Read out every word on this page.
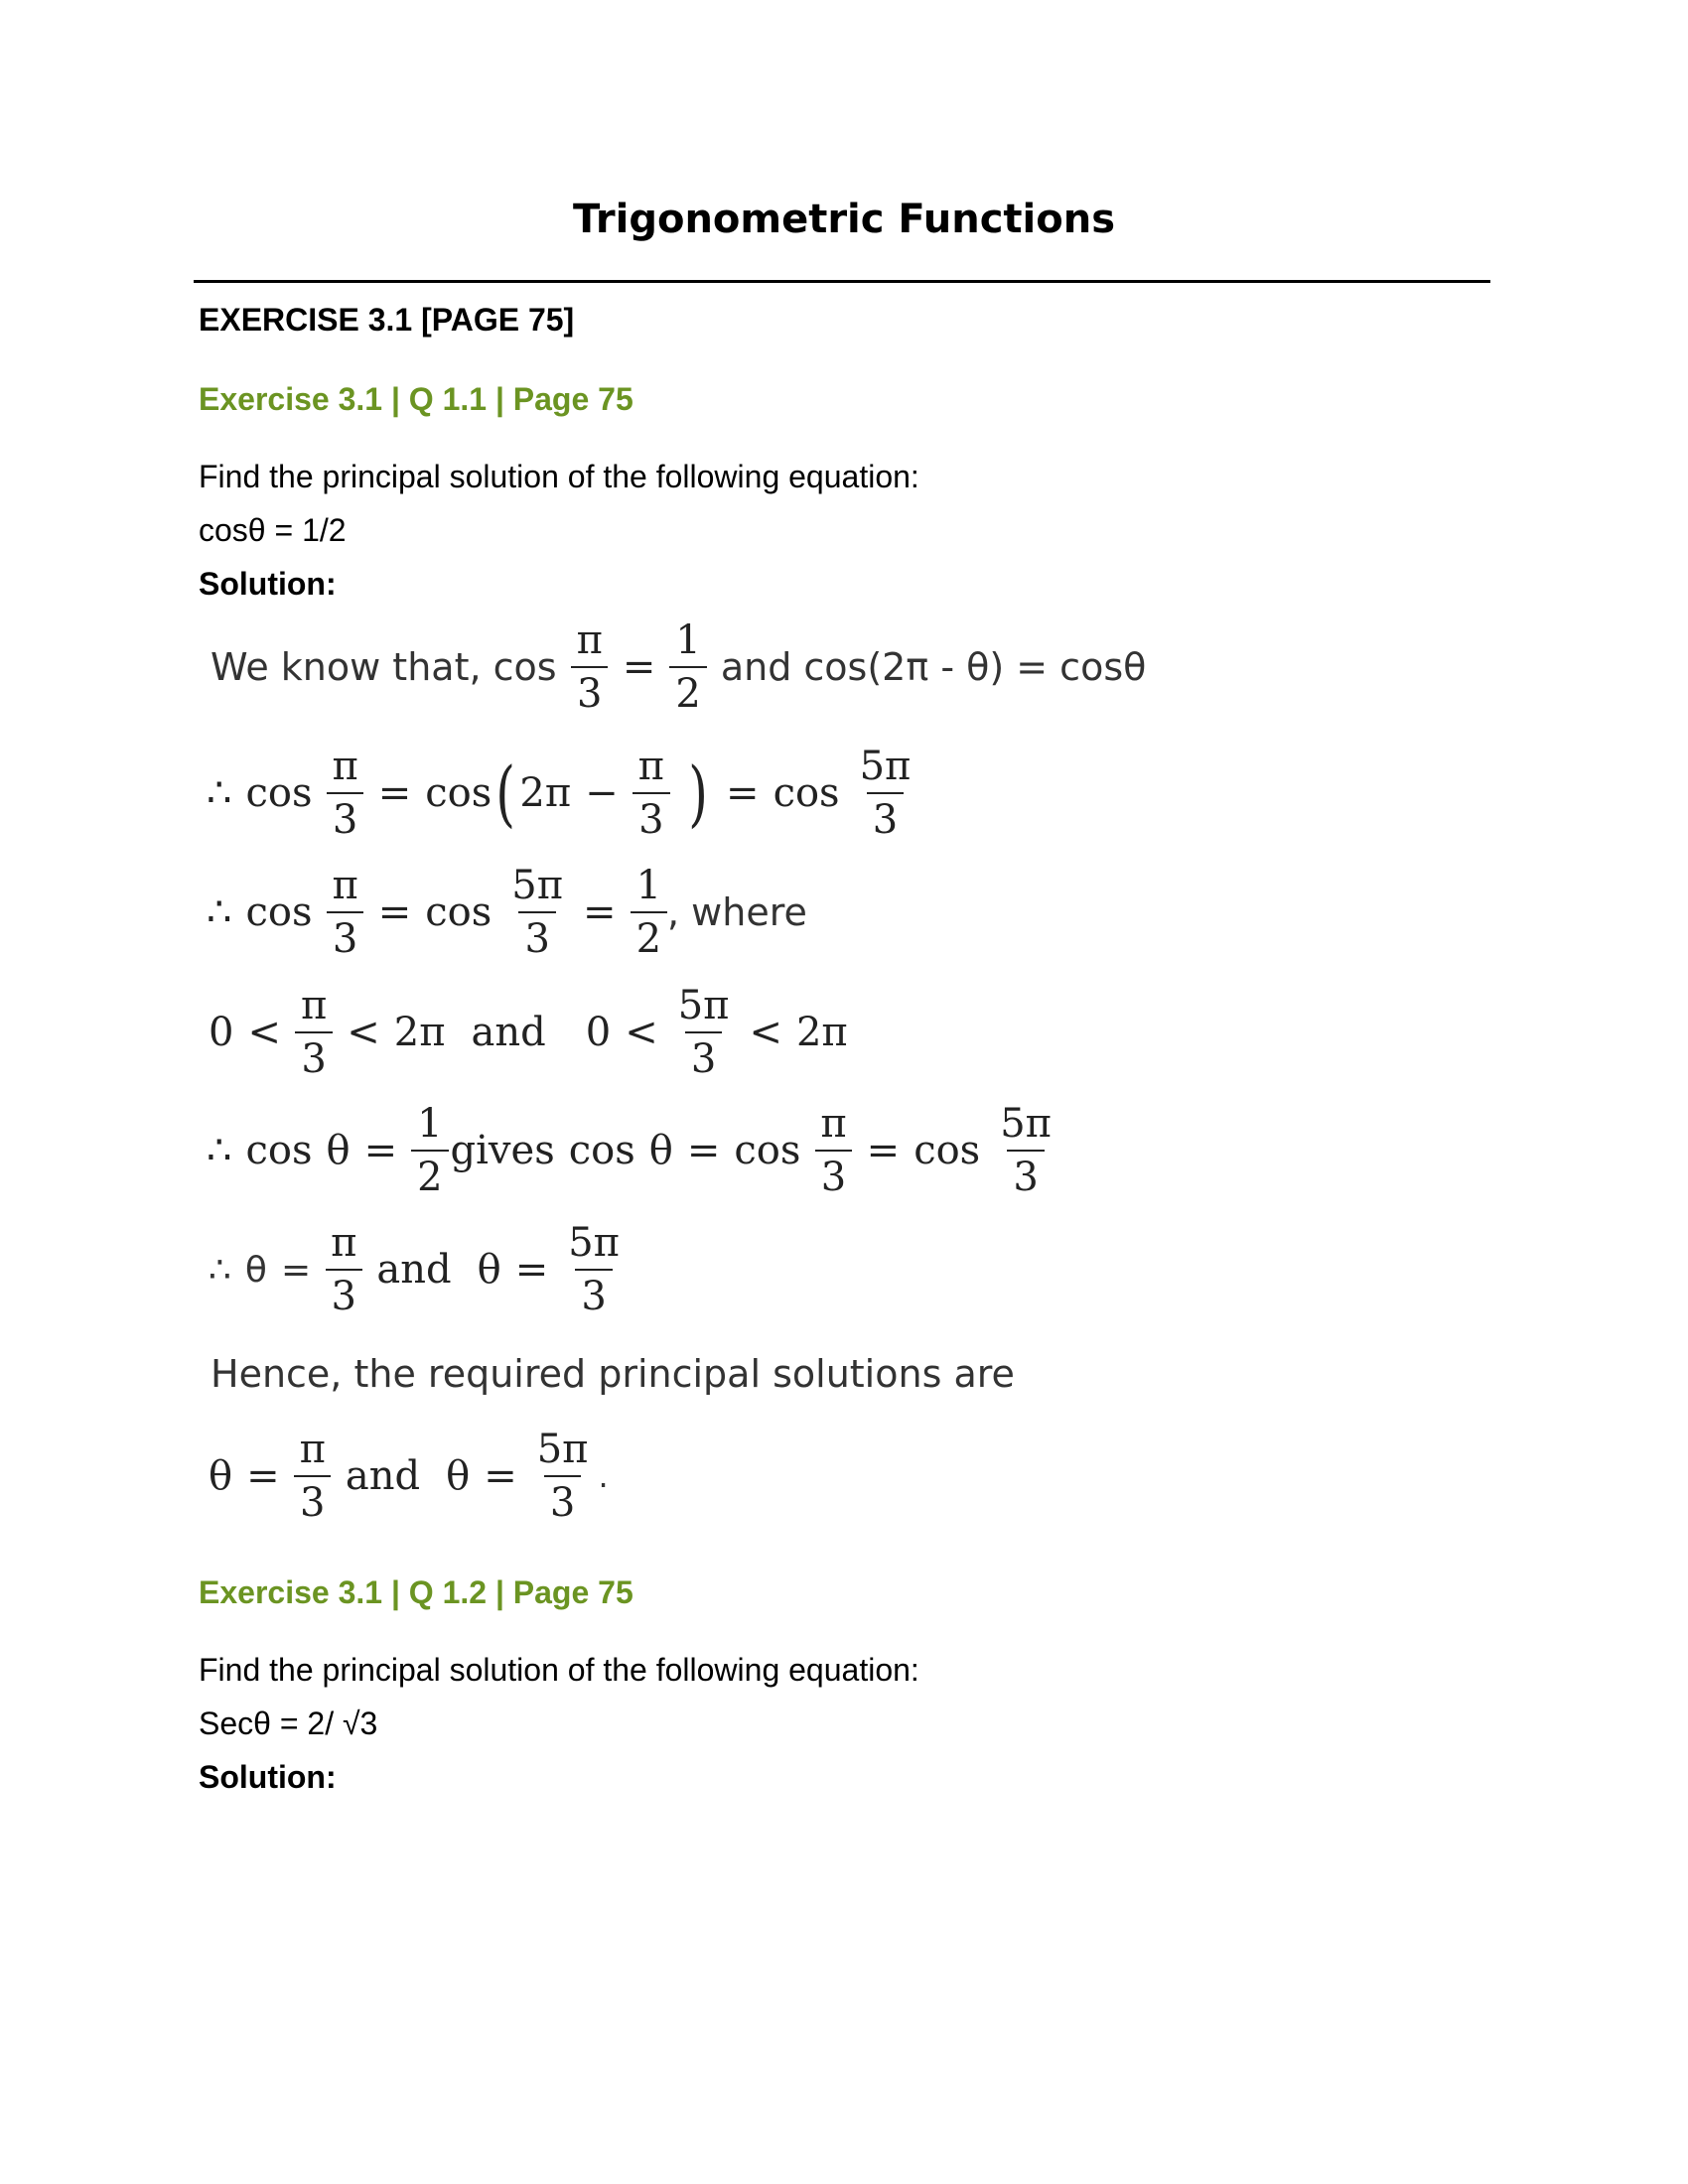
Trigonometric Functions
EXERCISE 3.1 [PAGE 75]
Exercise 3.1 | Q 1.1 | Page 75
Find the principal solution of the following equation:
cosθ = 1/2
Solution:
We know that, $\cos \frac{\pi}{3} = \frac{1}{2}$ and cos(2π - θ) = cosθ
∴ $\cos \frac{\pi}{3} = \cos$ ( $2\pi - \frac{\pi}{3}$ ) = $\cos \frac{5\pi}{3}$
∴ $\cos \frac{\pi}{3} = \cos \frac{5\pi}{3} = \frac{1}{2}$ , where
$0 < \frac{\pi}{3} < 2\pi$ and $0 < \frac{5\pi}{3} < 2\pi$
∴ $\cos \theta = \frac{1}{2}$ gives $\cos \theta = \cos \frac{\pi}{3} = \cos \frac{5\pi}{3}$
∴ $\theta = \frac{\pi}{3}$ and $\theta = \frac{5\pi}{3}$
Hence, the required principal solutions are
$\theta = \frac{\pi}{3}$ and $\theta = \frac{5\pi}{3}$ .
Exercise 3.1 | Q 1.2 | Page 75
Find the principal solution of the following equation:
Secθ = 2/ √3
Solution:
